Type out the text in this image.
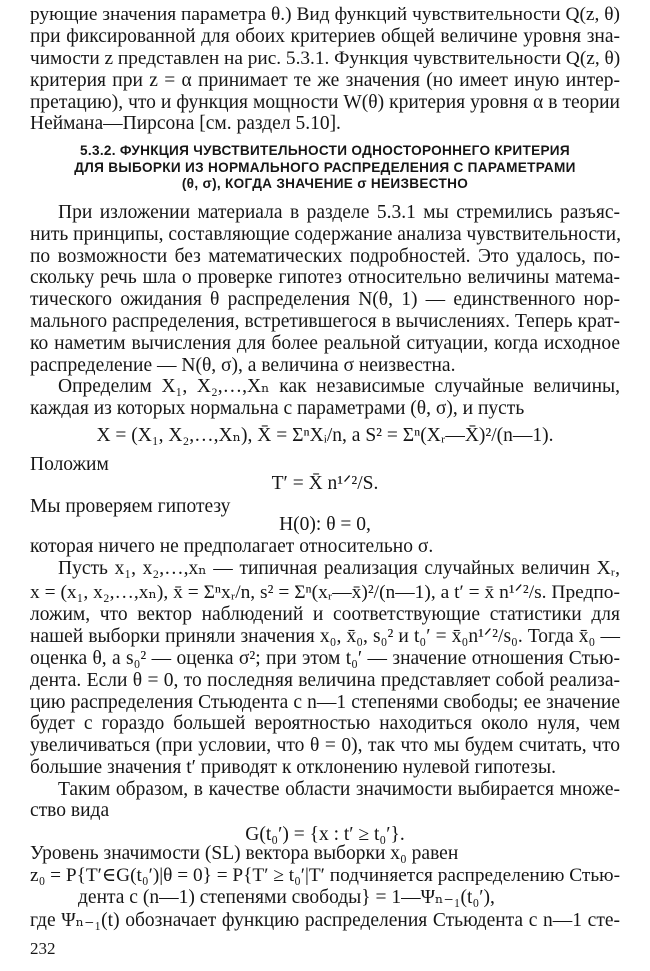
рующие значения параметра θ.) Вид функций чувствительности Q(z, θ)
при фиксированной для обоих критериев общей величине уровня зна-
чимости z представлен на рис. 5.3.1. Функция чувствительности Q(z, θ)
критерия при z = α принимает те же значения (но имеет иную интер-
претацию), что и функция мощности W(θ) критерия уровня α в теории
Неймана—Пирсона [см. раздел 5.10].
5.3.2. ФУНКЦИЯ ЧУВСТВИТЕЛЬНОСТИ ОДНОСТОРОННЕГО КРИТЕРИЯ
ДЛЯ ВЫБОРКИ ИЗ НОРМАЛЬНОГО РАСПРЕДЕЛЕНИЯ С ПАРАМЕТРАМИ
(θ, σ), КОГДА ЗНАЧЕНИЕ σ НЕИЗВЕСТНО
При изложении материала в разделе 5.3.1 мы стремились разъяс-
нить принципы, составляющие содержание анализа чувствительности,
по возможности без математических подробностей. Это удалось, по-
скольку речь шла о проверке гипотез относительно величины матема-
тического ожидания θ распределения N(θ, 1) — единственного нор-
мального распределения, встретившегося в вычислениях. Теперь крат-
ко наметим вычисления для более реальной ситуации, когда исходное
распределение — N(θ, σ), а величина σ неизвестна.
Определим X₁, X₂,…,Xₙ как независимые случайные величины,
каждая из которых нормальна с параметрами (θ, σ), и пусть
X = (X₁, X₂,…,Xₙ), X̄ = ΣⁿXᵢ/n, а S² = Σⁿ(Xᵣ—X̄)²/(n—1).
Положим
T′ = X̄ n¹ᐟ²/S.
Мы проверяем гипотезу
H(0): θ = 0,
которая ничего не предполагает относительно σ.
Пусть x₁, x₂,…,xₙ — типичная реализация случайных величин Xᵣ,
x = (x₁, x₂,…,xₙ), x̄ = Σⁿxᵣ/n, s² = Σⁿ(xᵣ—x̄)²/(n—1), а t′ = x̄ n¹ᐟ²/s. Предпо-
ложим, что вектор наблюдений и соответствующие статистики для
нашей выборки приняли значения x₀, x̄₀, s₀² и t₀′ = x̄₀n¹ᐟ²/s₀. Тогда x̄₀ —
оценка θ, а s₀² — оценка σ²; при этом t₀′ — значение отношения Стью-
дента. Если θ = 0, то последняя величина представляет собой реализа-
цию распределения Стьюдента с n—1 степенями свободы; ее значение
будет с гораздо большей вероятностью находиться около нуля, чем
увеличиваться (при условии, что θ = 0), так что мы будем считать, что
большие значения t′ приводят к отклонению нулевой гипотезы.
Таким образом, в качестве области значимости выбирается множе-
ство вида
G(t₀′) = {x : t′ ≥ t₀′}.
Уровень значимости (SL) вектора выборки x₀ равен
z₀ = P{T′∈G(t₀′)|θ = 0} = P{T′ ≥ t₀′|T′ подчиняется распределению Стью-
дента с (n—1) степенями свободы} = 1—Ψₙ₋₁(t₀′),
где Ψₙ₋₁(t) обозначает функцию распределения Стьюдента с n—1 сте-
232
